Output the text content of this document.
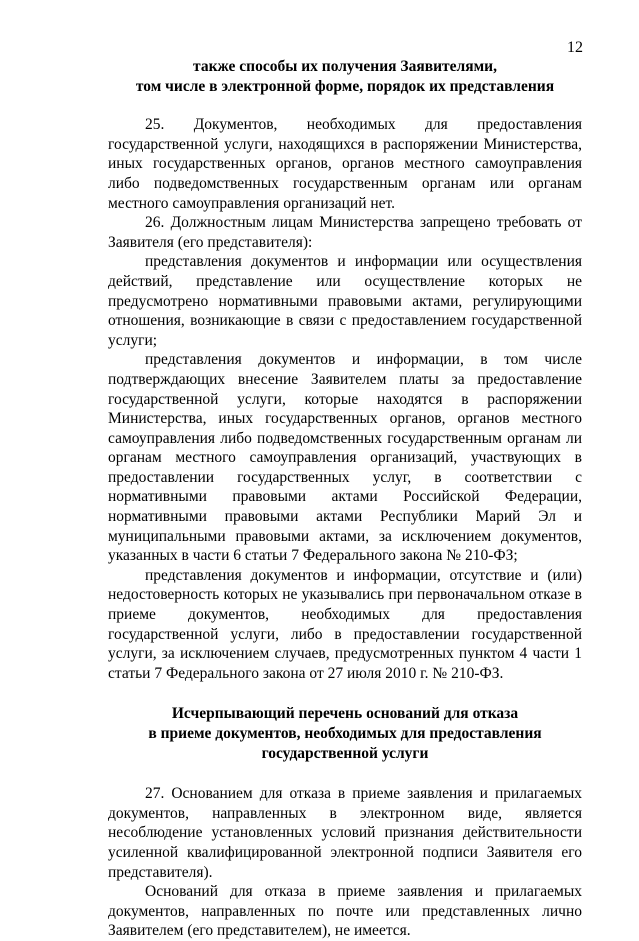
12
также способы их получения Заявителями,
том числе в электронной форме, порядок их представления

25. Документов, необходимых для предоставления государственной услуги, находящихся в распоряжении Министерства, иных государственных органов, органов местного самоуправления либо подведомственных государственным органам или органам местного самоуправления организаций нет.

26. Должностным лицам Министерства запрещено требовать от Заявителя (его представителя):

представления документов и информации или осуществления действий, представление или осуществление которых не предусмотрено нормативными правовыми актами, регулирующими отношения, возникающие в связи с предоставлением государственной услуги;

представления документов и информации, в том числе подтверждающих внесение Заявителем платы за предоставление государственной услуги, которые находятся в распоряжении Министерства, иных государственных органов, органов местного самоуправления либо подведомственных государственным органам ли органам местного самоуправления организаций, участвующих в предоставлении государственных услуг, в соответствии с нормативными правовыми актами Российской Федерации, нормативными правовыми актами Республики Марий Эл и муниципальными правовыми актами, за исключением документов, указанных в части 6 статьи 7 Федерального закона № 210-ФЗ;

представления документов и информации, отсутствие и (или) недостоверность которых не указывались при первоначальном отказе в приеме документов, необходимых для предоставления государственной услуги, либо в предоставлении государственной услуги, за исключением случаев, предусмотренных пунктом 4 части 1 статьи 7 Федерального закона от 27 июля 2010 г. № 210-ФЗ.

Исчерпывающий перечень оснований для отказа
в приеме документов, необходимых для предоставления
государственной услуги

27. Основанием для отказа в приеме заявления и прилагаемых документов, направленных в электронном виде, является несоблюдение установленных условий признания действительности усиленной квалифицированной электронной подписи Заявителя его представителя).

Оснований для отказа в приеме заявления и прилагаемых документов, направленных по почте или представленных лично Заявителем (его представителем), не имеется.
